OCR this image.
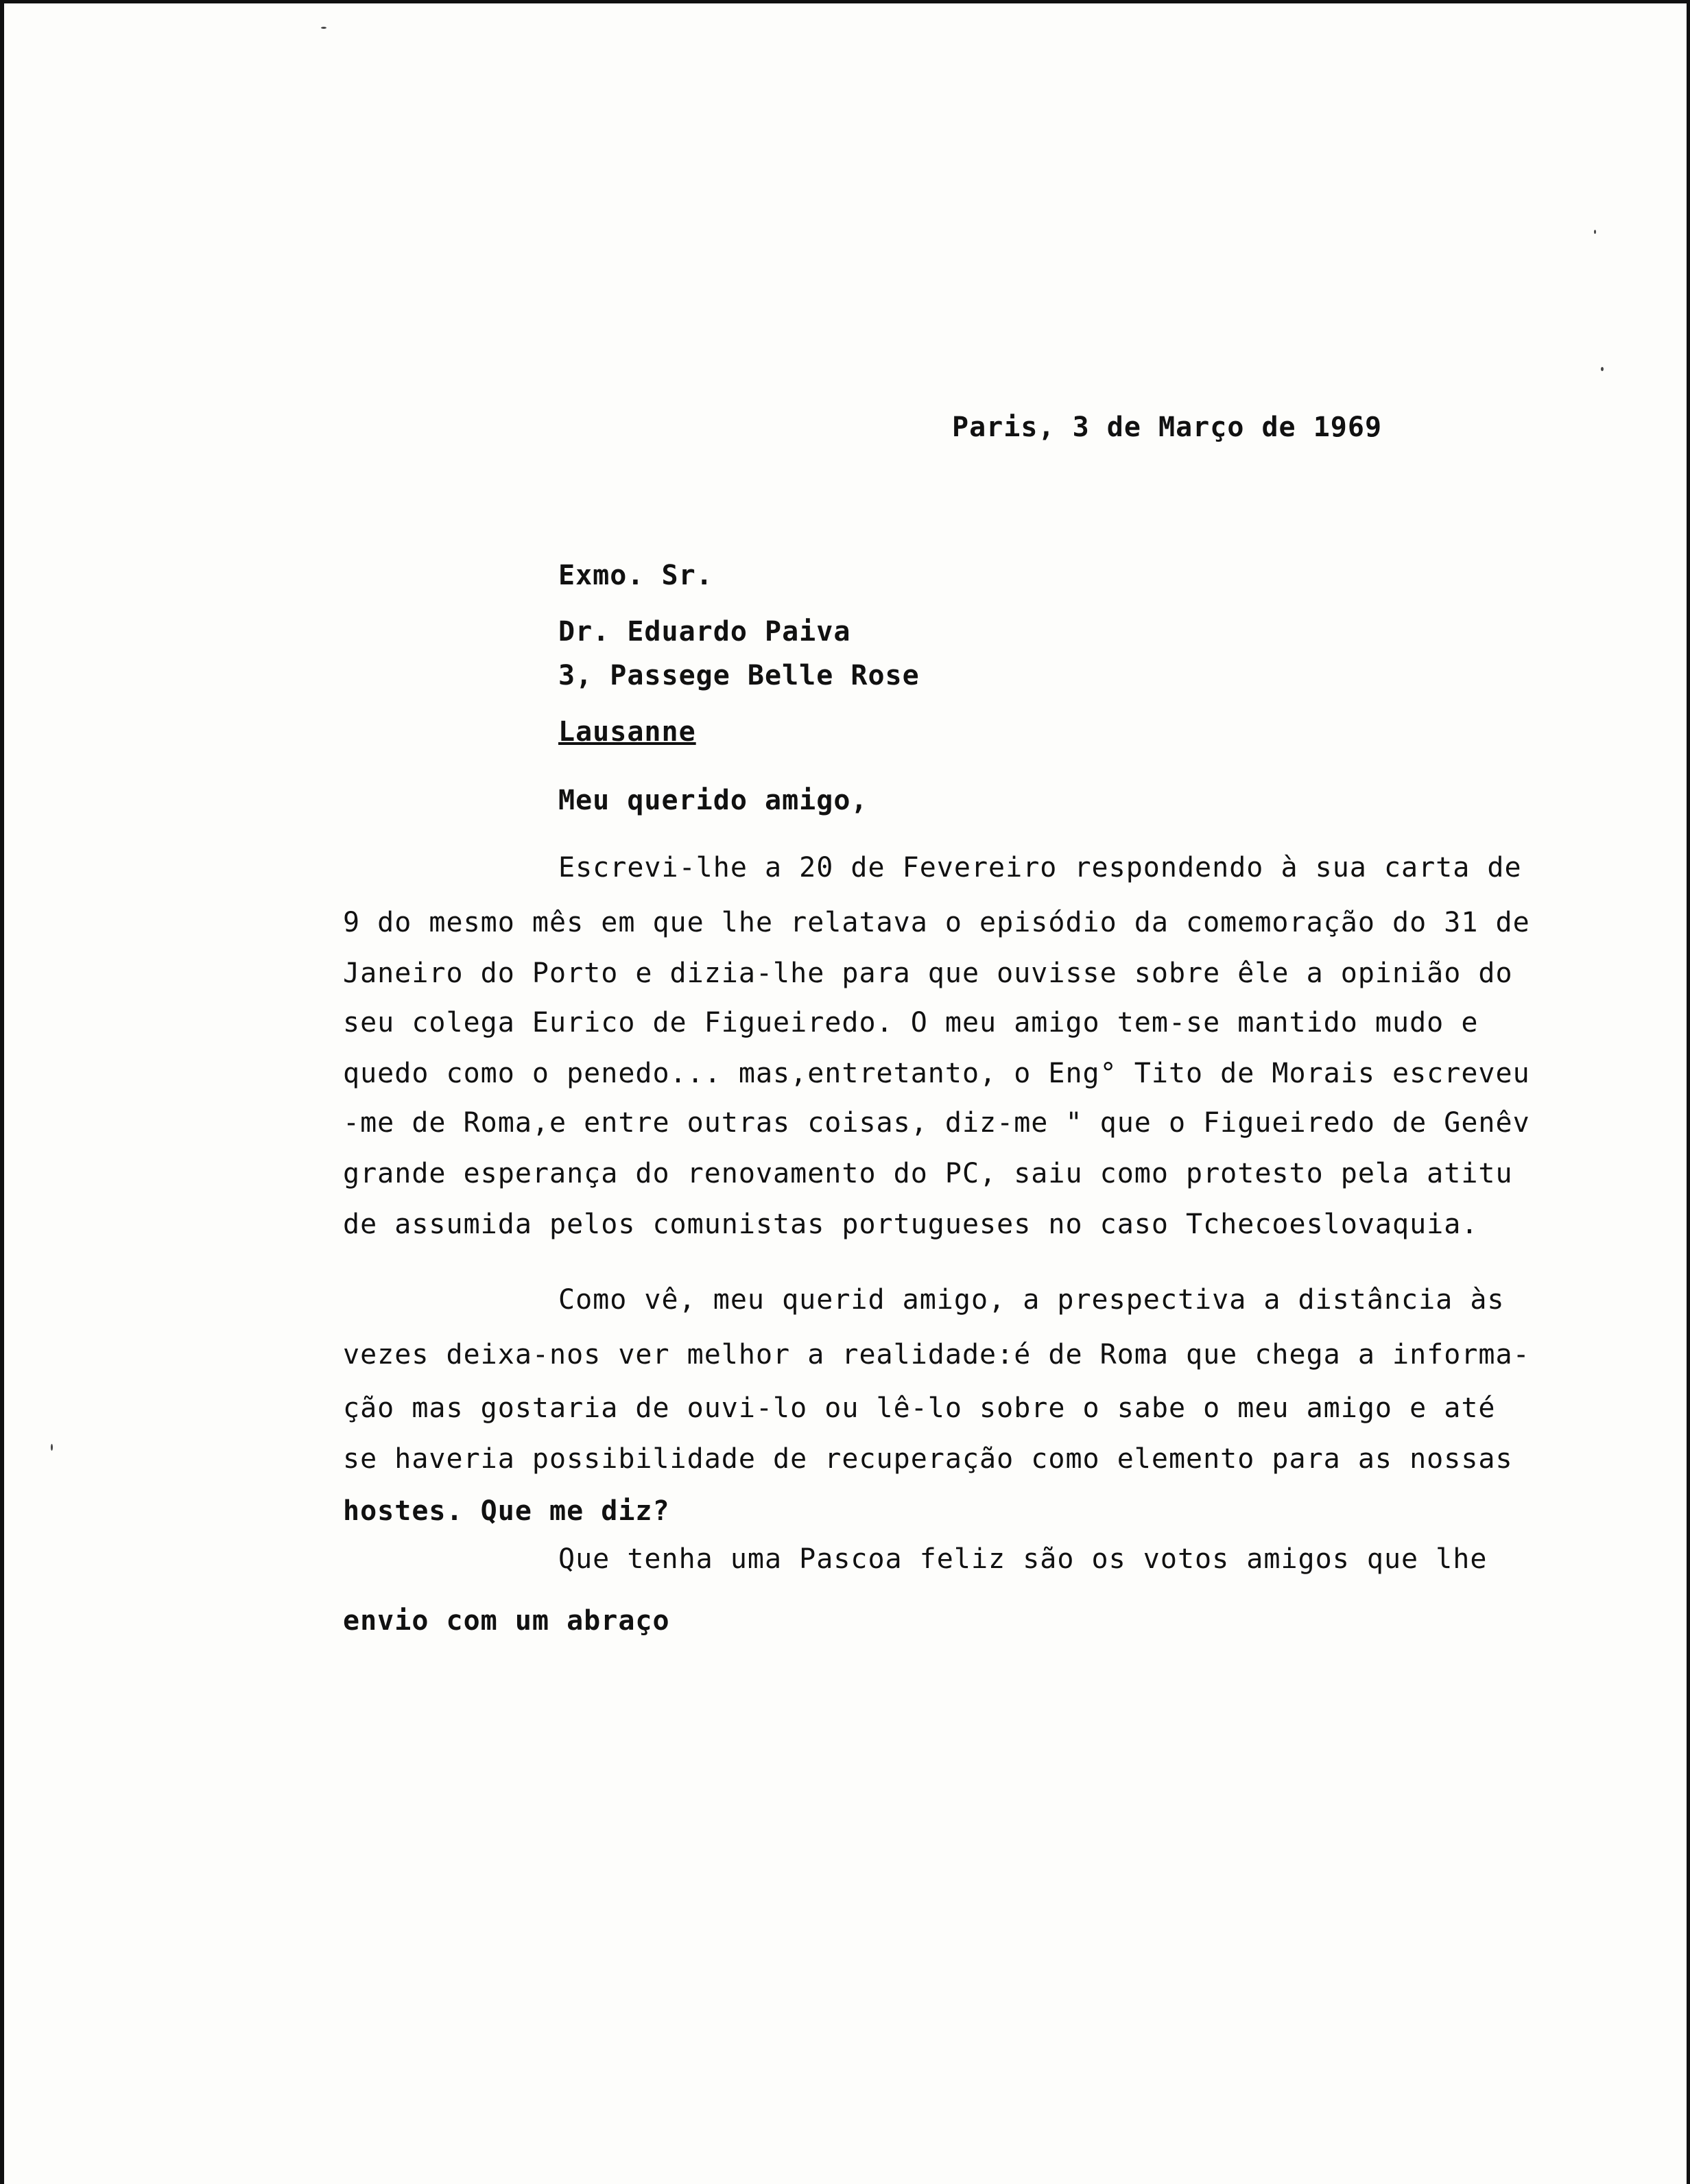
Paris, 3 de Março de 1969
Exmo. Sr.
Dr. Eduardo Paiva
3, Passege Belle Rose
Lausanne
Meu querido amigo,
Escrevi-lhe a 20 de Fevereiro respondendo à sua carta de
9 do mesmo mês em que lhe relatava o episódio da comemoração do 31 de
Janeiro do Porto e dizia-lhe para que ouvisse sobre êle a opinião do
seu colega Eurico de Figueiredo. O meu amigo tem-se mantido mudo e
quedo como o penedo... mas,entretanto, o Eng° Tito de Morais escreveu
-me de Roma,e entre outras coisas, diz-me " que o Figueiredo de Genêv
grande esperança do renovamento do PC, saiu como protesto pela atitu
de assumida pelos comunistas portugueses no caso Tchecoeslovaquia.
Como vê, meu querid amigo, a prespectiva a distância às
vezes deixa-nos ver melhor a realidade:é de Roma que chega a informa-
ção mas gostaria de ouvi-lo ou lê-lo sobre o sabe o meu amigo e até
se haveria possibilidade de recuperação como elemento para as nossas
hostes. Que me diz?
Que tenha uma Pascoa feliz são os votos amigos que lhe
envio com um abraço
